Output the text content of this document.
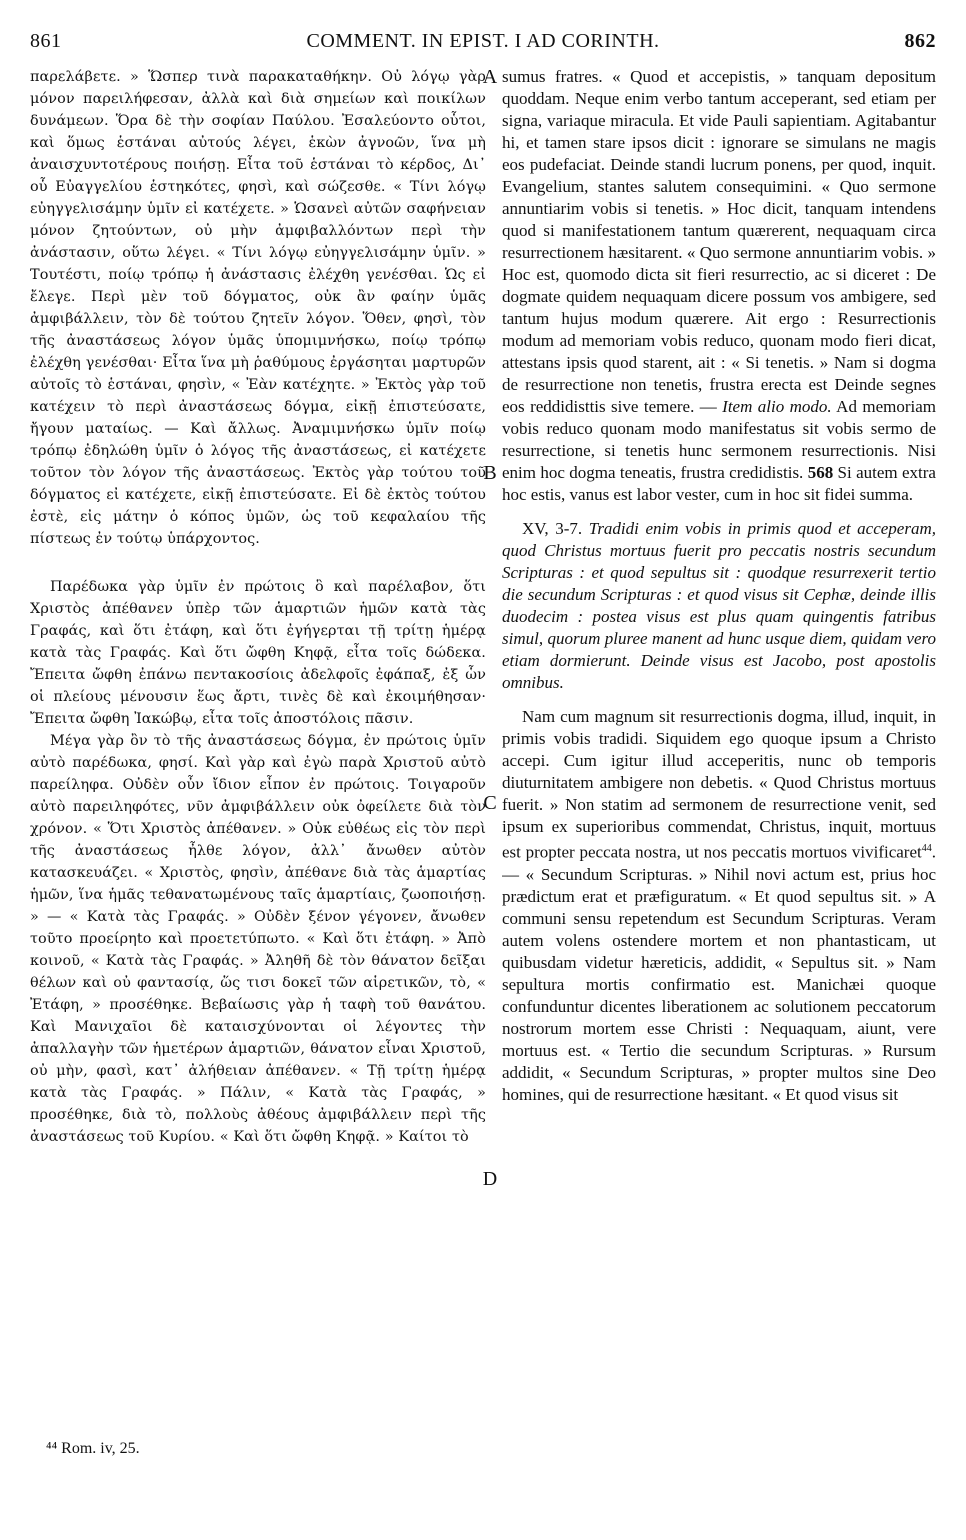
861	COMMENT. IN EPIST. I AD CORINTH.	862

παρελάβετε. » Ὥσπερ τινὰ παρακαταθήκην. Οὐ λόγῳ γὰρ μόνον παρειλήφεσαν, ἀλλὰ καὶ διὰ σημείων καὶ ποικίλων δυνάμεων. Ὅρα δὲ τὴν σοφίαν Παύλου. Ἐσαλεύοντο οὗτοι, καὶ ὅμως ἑστάναι αὐτούς λέγει, ἑκὼν ἀγνοῶν, ἵνα μὴ ἀναισχυντοτέρους ποιήσῃ. Εἶτα τοῦ ἑστάναι τὸ κέρδος, Δι᾽ οὗ Εὐαγγελίου ἑστηκότες, φησὶ, καὶ σώζεσθε. « Τίνι λόγῳ εὐηγγελισάμην ὑμῖν εἰ κατέχετε. » Ὡσανεὶ αὐτῶν σαφήνειαν μόνον ζητούντων, οὐ μὴν ἀμφιβαλλόντων περὶ τὴν ἀνάστασιν, οὕτω λέγει. « Τίνι λόγῳ εὐηγγελισάμην ὑμῖν. » Τουτέστι, ποίῳ τρόπῳ ἡ ἀνάστασις ἐλέχθη γενέσθαι. Ὡς εἰ ἔλεγε. Περὶ μὲν τοῦ δόγματος, οὐκ ἂν φαίην ὑμᾶς ἀμφιβάλλειν, τὸν δὲ τούτου ζητεῖν λόγον. Ὅθεν, φησὶ, τὸν τῆς ἀναστάσεως λόγον ὑμᾶς ὑπομιμνήσκω, ποίῳ τρόπῳ ἐλέχθη γενέσθαι· Εἶτα ἵνα μὴ ῥαθύμους ἐργάσηται μαρτυρῶν αὐτοῖς τὸ ἑστάναι, φησὶν, « Ἐὰν κατέχητε. » Ἐκτὸς γὰρ τοῦ κατέχειν τὸ περὶ ἀναστάσεως δόγμα, εἰκῇ ἐπιστεύσατε, ἤγουν ματαίως. — Καὶ ἄλλως. Ἀναμιμνήσκω ὑμῖν ποίῳ τρόπῳ ἐδηλώθη ὑμῖν ὁ λόγος τῆς ἀναστάσεως, εἰ κατέχετε τοῦτον τὸν λόγον τῆς ἀναστάσεως. Ἐκτὸς γὰρ τούτου τοῦ δόγματος εἰ κατέχετε, εἰκῇ ἐπιστεύσατε. Εἰ δὲ ἐκτὸς τούτου ἐστὲ, εἰς μάτην ὁ κόπος ὑμῶν, ὡς τοῦ κεφαλαίου τῆς πίστεως ἐν τούτῳ ὑπάρχοντος.

Παρέδωκα γὰρ ὑμῖν ἐν πρώτοις ὃ καὶ παρέλαβον, ὅτι Χριστὸς ἀπέθανεν ὑπὲρ τῶν ἁμαρτιῶν ἡμῶν κατὰ τὰς Γραφάς, καὶ ὅτι ἐτάφη, καὶ ὅτι ἐγήγερται τῇ τρίτῃ ἡμέρᾳ κατὰ τὰς Γραφάς. Καὶ ὅτι ὤφθη Κηφᾷ, εἶτα τοῖς δώδεκα. Ἔπειτα ὤφθη ἐπάνω πεντακοσίοις ἀδελφοῖς ἐφάπαξ, ἐξ ὧν οἱ πλείους μένουσιν ἕως ἄρτι, τινὲς δὲ καὶ ἐκοιμήθησαν· Ἔπειτα ὤφθη Ἰακώβῳ, εἶτα τοῖς ἀποστόλοις πᾶσιν.

Μέγα γὰρ ὂν τὸ τῆς ἀναστάσεως δόγμα, ἐν πρώτοις ὑμῖν αὐτὸ παρέδωκα, φησί. Καὶ γὰρ καὶ ἐγὼ παρὰ Χριστοῦ αὐτὸ παρείληφα. Οὐδὲν οὖν ἴδιον εἶπον ἐν πρώτοις. Τοιγαροῦν αὐτὸ παρειληφότες, νῦν ἀμφιβάλλειν οὐκ ὀφείλετε διὰ τὸν χρόνον. « Ὅτι Χριστὸς ἀπέθανεν. » Οὐκ εὐθέως εἰς τὸν περὶ τῆς ἀναστάσεως ἦλθε λόγον, ἀλλ᾽ ἄνωθεν αὐτὸν κατασκευάζει. « Χριστὸς, φησὶν, ἀπέθανε διὰ τὰς ἁμαρτίας ἡμῶν, ἵνα ἡμᾶς τεθανατωμένους ταῖς ἁμαρτίαις, ζωοποιήσῃ. » — « Κατὰ τὰς Γραφάς. » Οὐδὲν ξένον γέγονεν, ἄνωθεν τοῦτο προείρηto καὶ προετετύπωτο. « Καὶ ὅτι ἐτάφη. » Ἀπὸ κοινοῦ, « Κατὰ τὰς Γραφάς. » Ἀληθῆ δὲ τὸν θάνατον δεῖξαι θέλων καὶ οὐ φαντασίᾳ, ὥς τισι δοκεῖ τῶν αἱρετικῶν, τὸ, « Ἐτάφη, » προσέθηκε. Βεβαίωσις γὰρ ἡ ταφὴ τοῦ θανάτου. Καὶ Μανιχαῖοι δὲ καταισχύνονται οἱ λέγοντες τὴν ἀπαλλαγὴν τῶν ἡμετέρων ἁμαρτιῶν, θάνατον εἶναι Χριστοῦ, οὐ μὴν, φασὶ, κατ᾽ ἀλήθειαν ἀπέθανεν. « Τῇ τρίτῃ ἡμέρᾳ κατὰ τὰς Γραφάς. » Πάλιν, « Κατὰ τὰς Γραφάς, » προσέθηκε, διὰ τὸ, πολλοὺς ἀθέους ἀμφιβάλλειν περὶ τῆς ἀναστάσεως τοῦ Κυρίου. « Καὶ ὅτι ὤφθη Κηφᾷ. » Καίτοι τὸ

A
B
C
D

sumus fratres. « Quod et accepistis, » tanquam depositum quoddam. Neque enim verbo tantum acceperant, sed etiam per signa, variaque miracula. Et vide Pauli sapientiam. Agitabantur hi, et tamen stare ipsos dicit : ignorare se simulans ne magis eos pudefaciat. Deinde standi lucrum ponens, per quod, inquit. Evangelium, stantes salutem consequimini. « Quo sermone annuntiarim vobis si tenetis. » Hoc dicit, tanquam intendens quod si manifestationem tantum quærerent, nequaquam circa resurrectionem hæsitarent. « Quo sermone annuntiarim vobis. » Hoc est, quomodo dicta sit fieri resurrectio, ac si diceret : De dogmate quidem nequaquam dicere possum vos ambigere, sed tantum hujus modum quærere. Ait ergo : Resurrectionis modum ad memoriam vobis reduco, quonam modo fieri dicat, attestans ipsis quod starent, ait : « Si tenetis. » Nam si dogma de resurrectione non tenetis, frustra erecta est Deinde segnes eos reddidisttis sive temere. — Item alio modo. Ad memoriam vobis reduco quonam modo manifestatus sit vobis sermo de resurrectione, si tenetis hunc sermonem resurrectionis. Nisi enim hoc dogma teneatis, frustra credidistis. 568 Si autem extra hoc estis, vanus est labor vester, cum in hoc sit fidei summa.

XV, 3-7. Tradidi enim vobis in primis quod et acceperam, quod Christus mortuus fuerit pro peccatis nostris secundum Scripturas : et quod sepultus sit : quodque resurrexerit tertio die secundum Scripturas : et quod visus sit Cephæ, deinde illis duodecim : postea visus est plus quam quingentis fatribus simul, quorum pluree manent ad hunc usque diem, quidam vero etiam dormierunt. Deinde visus est Jacobo, post apostolis omnibus.

Nam cum magnum sit resurrectionis dogma, illud, inquit, in primis vobis tradidi. Siquidem ego quoque ipsum a Christo accepi. Cum igitur illud acceperitis, nunc ob temporis diuturnitatem ambigere non debetis. « Quod Christus mortuus fuerit. » Non statim ad sermonem de resurrectione venit, sed ipsum ex superioribus commendat, Christus, inquit, mortuus est propter peccata nostra, ut nos peccatis mortuos vivificaret$^{44}$. — « Secundum Scripturas. » Nihil novi actum est, prius hoc prædictum erat et præfiguratum. « Et quod sepultus sit. » A communi sensu repetendum est Secundum Scripturas. Veram autem volens ostendere mortem et non phantasticam, ut quibusdam videtur hæreticis, addidit, « Sepultus sit. » Nam sepultura mortis confirmatio est. Manichæi quoque confunduntur dicentes liberationem ac solutionem peccatorum nostrorum mortem esse Christi : Nequaquam, aiunt, vere mortuus est. « Tertio die secundum Scripturas. » Rursum addidit, « Secundum Scripturas, » propter multos sine Deo homines, qui de resurrectione hæsitant. « Et quod visus sit

⁴⁴ Rom. iv, 25.
